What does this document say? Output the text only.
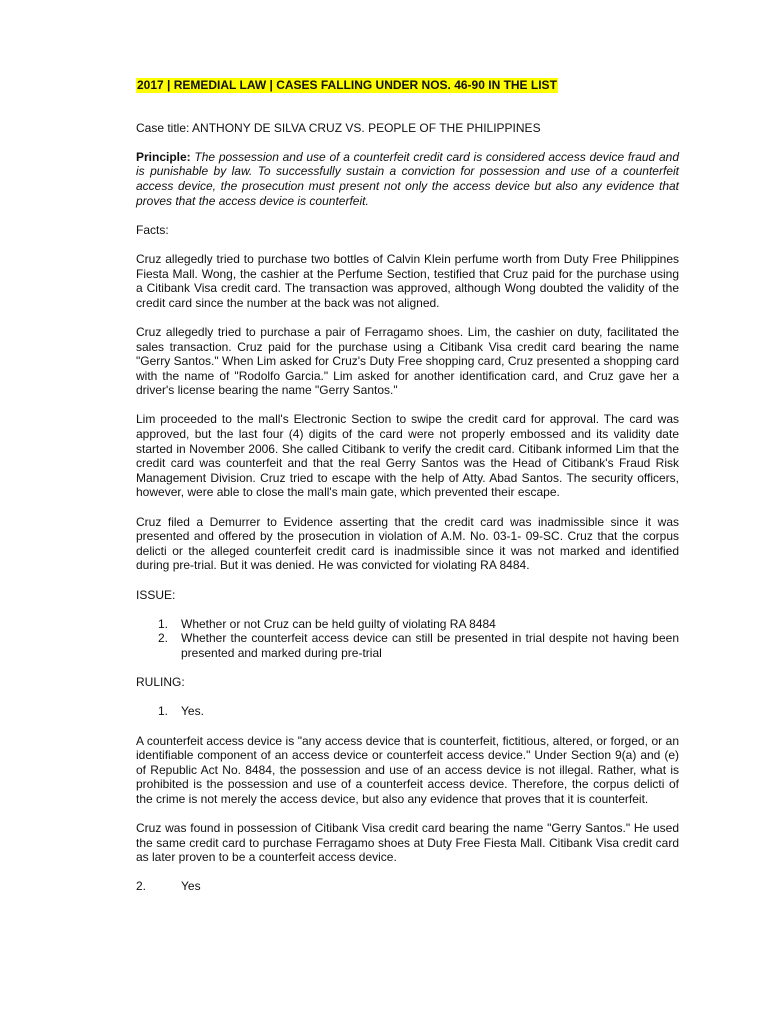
2017 | REMEDIAL LAW | CASES FALLING UNDER NOS. 46-90 IN THE LIST

Case title: ANTHONY DE SILVA CRUZ VS. PEOPLE OF THE PHILIPPINES

Principle: The possession and use of a counterfeit credit card is considered access device fraud and is punishable by law. To successfully sustain a conviction for possession and use of a counterfeit access device, the prosecution must present not only the access device but also any evidence that proves that the access device is counterfeit.

Facts:

Cruz allegedly tried to purchase two bottles of Calvin Klein perfume worth from Duty Free Philippines Fiesta Mall. Wong, the cashier at the Perfume Section, testified that Cruz paid for the purchase using a Citibank Visa credit card. The transaction was approved, although Wong doubted the validity of the credit card since the number at the back was not aligned.

Cruz allegedly tried to purchase a pair of Ferragamo shoes. Lim, the cashier on duty, facilitated the sales transaction. Cruz paid for the purchase using a Citibank Visa credit card bearing the name "Gerry Santos." When Lim asked for Cruz's Duty Free shopping card, Cruz presented a shopping card with the name of "Rodolfo Garcia." Lim asked for another identification card, and Cruz gave her a driver's license bearing the name "Gerry Santos."

Lim proceeded to the mall's Electronic Section to swipe the credit card for approval. The card was approved, but the last four (4) digits of the card were not properly embossed and its validity date started in November 2006. She called Citibank to verify the credit card. Citibank informed Lim that the credit card was counterfeit and that the real Gerry Santos was the Head of Citibank's Fraud Risk Management Division. Cruz tried to escape with the help of Atty. Abad Santos. The security officers, however, were able to close the mall's main gate, which prevented their escape.

Cruz filed a Demurrer to Evidence asserting that the credit card was inadmissible since it was presented and offered by the prosecution in violation of A.M. No. 03-1- 09-SC. Cruz that the corpus delicti or the alleged counterfeit credit card is inadmissible since it was not marked and identified during pre-trial. But it was denied. He was convicted for violating RA 8484.

ISSUE:

1. Whether or not Cruz can be held guilty of violating RA 8484
2. Whether the counterfeit access device can still be presented in trial despite not having been presented and marked during pre-trial

RULING:

1. Yes.

A counterfeit access device is "any access device that is counterfeit, fictitious, altered, or forged, or an identifiable component of an access device or counterfeit access device." Under Section 9(a) and (e) of Republic Act No. 8484, the possession and use of an access device is not illegal. Rather, what is prohibited is the possession and use of a counterfeit access device. Therefore, the corpus delicti of the crime is not merely the access device, but also any evidence that proves that it is counterfeit.

Cruz was found in possession of Citibank Visa credit card bearing the name "Gerry Santos." He used the same credit card to purchase Ferragamo shoes at Duty Free Fiesta Mall. Citibank Visa credit card as later proven to be a counterfeit access device.

2.	Yes
